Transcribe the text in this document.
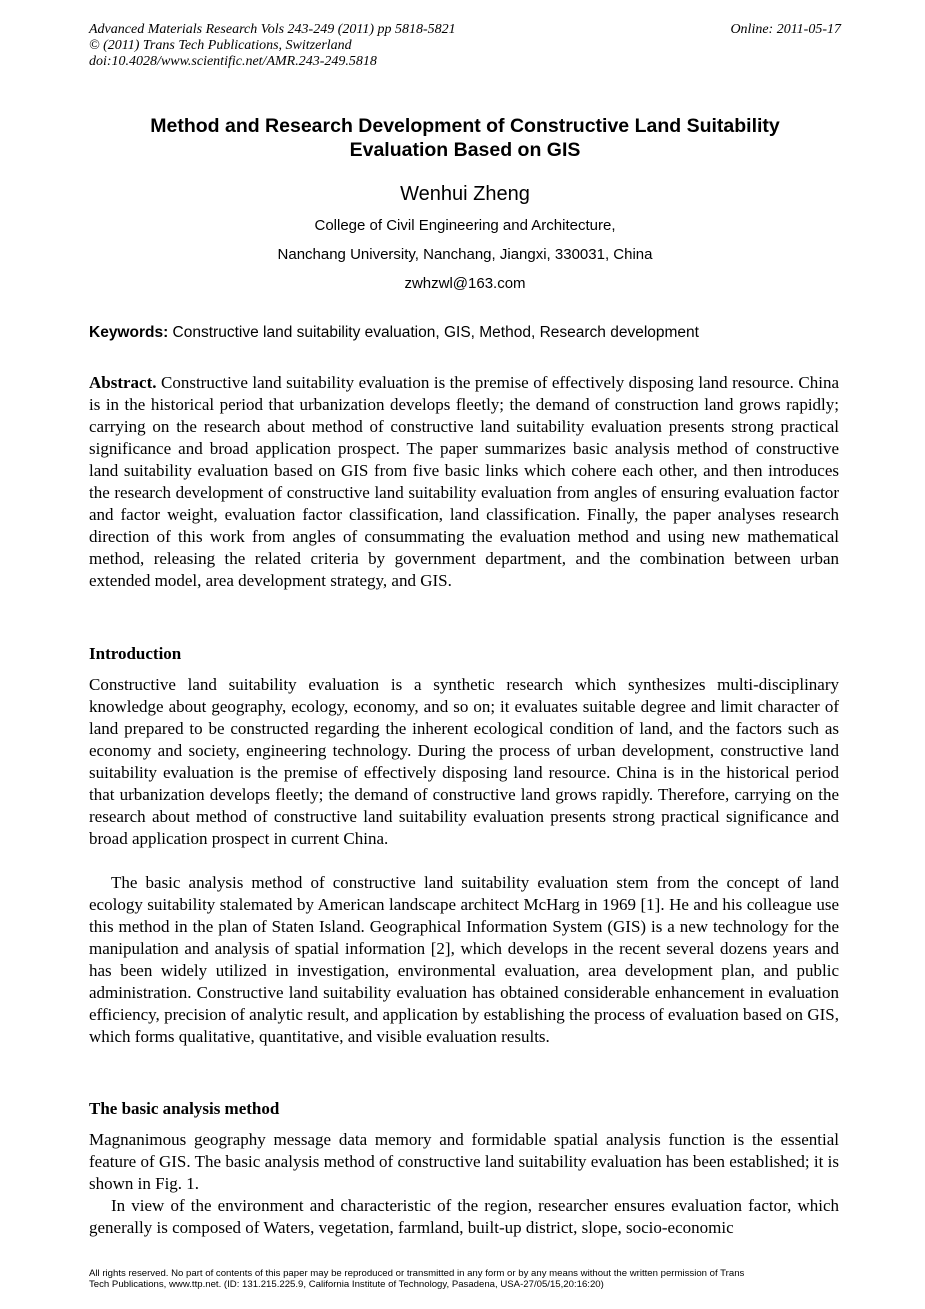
Advanced Materials Research Vols 243-249 (2011) pp 5818-5821
© (2011) Trans Tech Publications, Switzerland
doi:10.4028/www.scientific.net/AMR.243-249.5818
Online: 2011-05-17
Method and Research Development of Constructive Land Suitability
Evaluation Based on GIS
Wenhui Zheng
College of Civil Engineering and Architecture,
Nanchang University, Nanchang, Jiangxi, 330031, China
zwhzwl@163.com
Keywords: Constructive land suitability evaluation, GIS, Method, Research development
Abstract. Constructive land suitability evaluation is the premise of effectively disposing land resource. China is in the historical period that urbanization develops fleetly; the demand of construction land grows rapidly; carrying on the research about method of constructive land suitability evaluation presents strong practical significance and broad application prospect. The paper summarizes basic analysis method of constructive land suitability evaluation based on GIS from five basic links which cohere each other, and then introduces the research development of constructive land suitability evaluation from angles of ensuring evaluation factor and factor weight, evaluation factor classification, land classification. Finally, the paper analyses research direction of this work from angles of consummating the evaluation method and using new mathematical method, releasing the related criteria by government department, and the combination between urban extended model, area development strategy, and GIS.
Introduction
Constructive land suitability evaluation is a synthetic research which synthesizes multi-disciplinary knowledge about geography, ecology, economy, and so on; it evaluates suitable degree and limit character of land prepared to be constructed regarding the inherent ecological condition of land, and the factors such as economy and society, engineering technology. During the process of urban development, constructive land suitability evaluation is the premise of effectively disposing land resource. China is in the historical period that urbanization develops fleetly; the demand of constructive land grows rapidly. Therefore, carrying on the research about method of constructive land suitability evaluation presents strong practical significance and broad application prospect in current China.
The basic analysis method of constructive land suitability evaluation stem from the concept of land ecology suitability stalemated by American landscape architect McHarg in 1969 [1]. He and his colleague use this method in the plan of Staten Island. Geographical Information System (GIS) is a new technology for the manipulation and analysis of spatial information [2], which develops in the recent several dozens years and has been widely utilized in investigation, environmental evaluation, area development plan, and public administration. Constructive land suitability evaluation has obtained considerable enhancement in evaluation efficiency, precision of analytic result, and application by establishing the process of evaluation based on GIS, which forms qualitative, quantitative, and visible evaluation results.
The basic analysis method
Magnanimous geography message data memory and formidable spatial analysis function is the essential feature of GIS. The basic analysis method of constructive land suitability evaluation has been established; it is shown in Fig. 1.
In view of the environment and characteristic of the region, researcher ensures evaluation factor, which generally is composed of Waters, vegetation, farmland, built-up district, slope, socio-economic
All rights reserved. No part of contents of this paper may be reproduced or transmitted in any form or by any means without the written permission of Trans
Tech Publications, www.ttp.net. (ID: 131.215.225.9, California Institute of Technology, Pasadena, USA-27/05/15,20:16:20)
